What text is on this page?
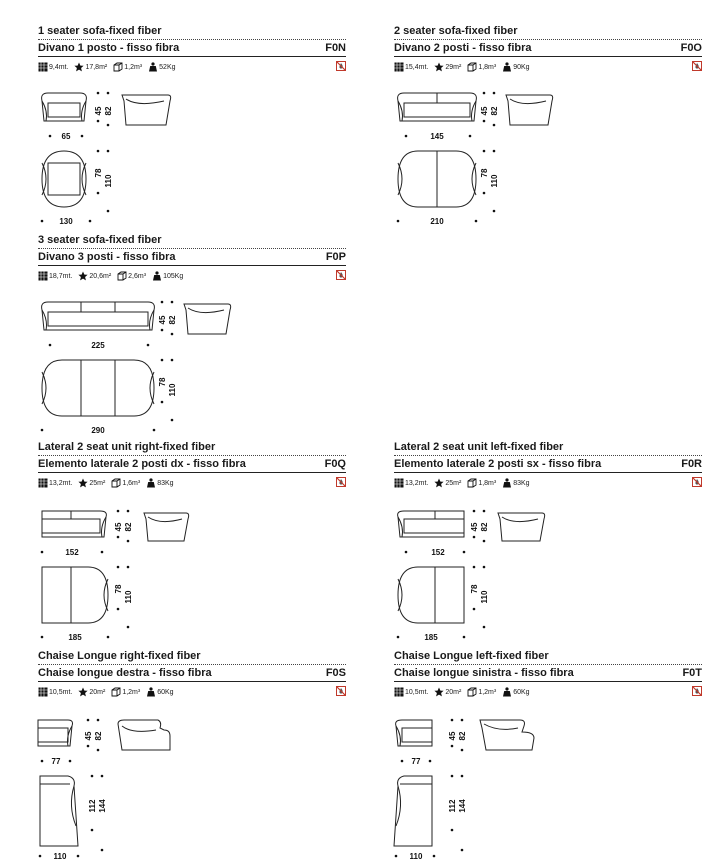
1 seater sofa-fixed fiber
Divano 1 posto - fisso fibra	F0N
9,4mt. 17,8m² 1,2m³ 52Kg
65
45 82
130
78
110
2 seater sofa-fixed fiber
Divano 2 posti - fisso fibra	F0O
15,4mt. 29m² 1,8m³ 90Kg
145
45 82
210
78
110
3 seater sofa-fixed fiber
Divano 3 posti - fisso fibra	F0P
18,7mt. 20,6m² 2,6m³ 105Kg
225
45 82
290
78
110
Lateral 2 seat unit right-fixed fiber
Elemento laterale 2 posti dx - fisso fibra	F0Q
13,2mt. 25m² 1,6m³ 83Kg
152
45 82
185
78
110
Lateral 2 seat unit left-fixed fiber
Elemento laterale 2 posti sx - fisso fibra	F0R
13,2mt. 25m² 1,8m³ 83Kg
152
45 82
185
78
110
Chaise Longue right-fixed fiber
Chaise longue destra - fisso fibra	F0S
10,5mt. 20m² 1,2m³ 60Kg
77
45 82
110
112 144
Chaise Longue left-fixed fiber
Chaise longue sinistra - fisso fibra	F0T
10,5mt. 20m² 1,2m³ 60Kg
77
45 82
110
112 144
